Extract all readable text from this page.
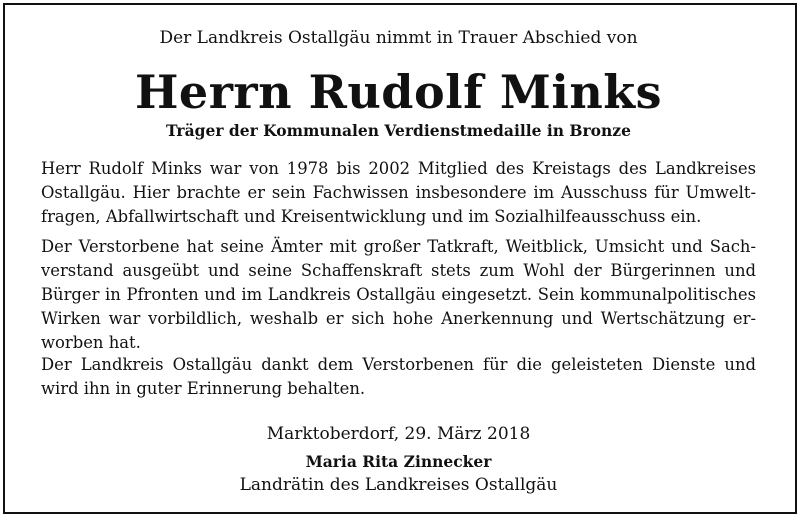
Der Landkreis Ostallgäu nimmt in Trauer Abschied von
Herrn Rudolf Minks
Träger der Kommunalen Verdienstmedaille in Bronze

Herr Rudolf Minks war von 1978 bis 2002 Mitglied des Kreistags des Landkreises Ostallgäu. Hier brachte er sein Fachwissen insbesondere im Ausschuss für Umweltfragen, Abfallwirtschaft und Kreisentwicklung und im Sozialhilfeausschuss ein.

Der Verstorbene hat seine Ämter mit großer Tatkraft, Weitblick, Umsicht und Sachverstand ausgeübt und seine Schaffenskraft stets zum Wohl der Bürgerinnen und Bürger in Pfronten und im Landkreis Ostallgäu eingesetzt. Sein kommunalpolitisches Wirken war vorbildlich, weshalb er sich hohe Anerkennung und Wertschätzung erworben hat.

Der Landkreis Ostallgäu dankt dem Verstorbenen für die geleisteten Dienste und wird ihn in guter Erinnerung behalten.

Marktoberdorf, 29. März 2018
Maria Rita Zinnecker
Landrätin des Landkreises Ostallgäu
